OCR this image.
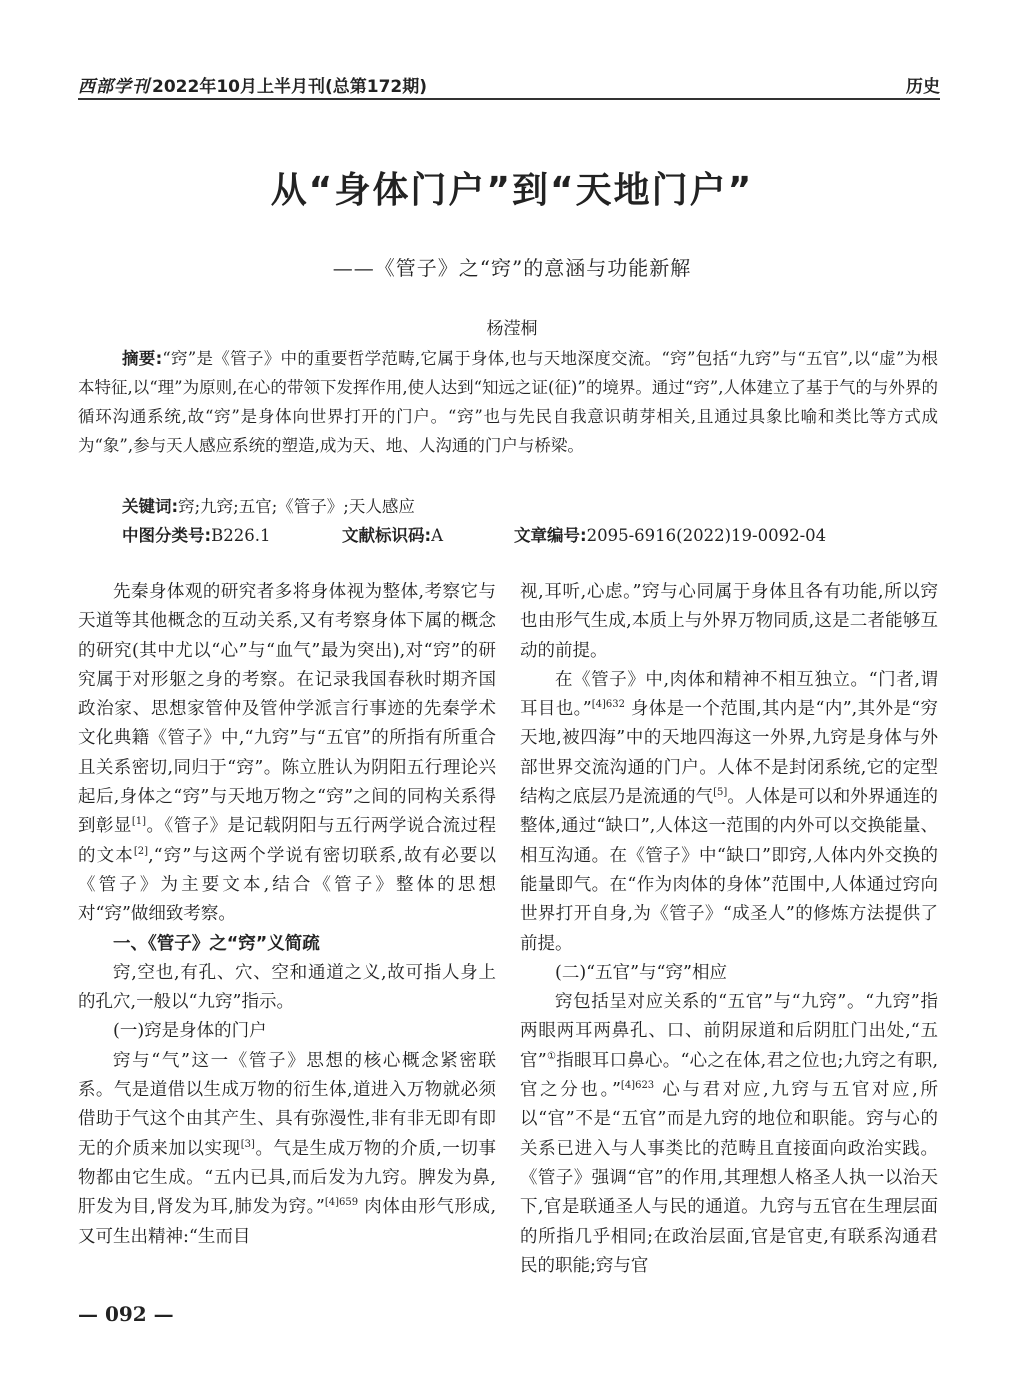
西部学刊 2022年10月上半月刊(总第172期)	历史
从“身体门户”到“天地门户”
——《管子》之“窍”的意涵与功能新解
杨滢桐

摘要:“窍”是《管子》中的重要哲学范畴,它属于身体,也与天地深度交流。“窍”包括“九窍”与“五官”,以“虚”为根本特征,以“理”为原则,在心的带领下发挥作用,使人达到“知远之证(征)”的境界。通过“窍”,人体建立了基于气的与外界的循环沟通系统,故“窍”是身体向世界打开的门户。“窍”也与先民自我意识萌芽相关,且通过具象比喻和类比等方式成为“象”,参与天人感应系统的塑造,成为天、地、人沟通的门户与桥梁。

关键词:窍;九窍;五官;《管子》;天人感应
中图分类号:B226.1	文献标识码:A	文章编号:2095-6916(2022)19-0092-04

先秦身体观的研究者多将身体视为整体,考察它与天道等其他概念的互动关系,又有考察身体下属的概念的研究(其中尤以“心”与“血气”最为突出),对“窍”的研究属于对形躯之身的考察。在记录我国春秋时期齐国政治家、思想家管仲及管仲学派言行事迹的先秦学术文化典籍《管子》中,“九窍”与“五官”的所指有所重合且关系密切,同归于“窍”。陈立胜认为阴阳五行理论兴起后,身体之“窍”与天地万物之“窍”之间的同构关系得到彰显[1]。《管子》是记载阴阳与五行两学说合流过程的文本[2],“窍”与这两个学说有密切联系,故有必要以《管子》为主要文本,结合《管子》整体的思想对“窍”做细致考察。

一、《管子》之“窍”义简疏

窍,空也,有孔、穴、空和通道之义,故可指人身上的孔穴,一般以“九窍”指示。

(一)窍是身体的门户

窍与“气”这一《管子》思想的核心概念紧密联系。气是道借以生成万物的衍生体,道进入万物就必须借助于气这个由其产生、具有弥漫性,非有非无即有即无的介质来加以实现[3]。气是生成万物的介质,一切事物都由它生成。“五内已具,而后发为九窍。脾发为鼻,肝发为目,肾发为耳,肺发为窍。”$^{[4]659}$ 肉体由形气形成,又可生出精神:“生而目

视,耳听,心虑。”窍与心同属于身体且各有功能,所以窍也由形气生成,本质上与外界万物同质,这是二者能够互动的前提。

在《管子》中,肉体和精神不相互独立。“门者,谓耳目也。”$^{[4]632}$ 身体是一个范围,其内是“内”,其外是“穷天地,被四海”中的天地四海这一外界,九窍是身体与外部世界交流沟通的门户。人体不是封闭系统,它的定型结构之底层乃是流通的气[5]。人体是可以和外界通连的整体,通过“缺口”,人体这一范围的内外可以交换能量、相互沟通。在《管子》中“缺口”即窍,人体内外交换的能量即气。在“作为肉体的身体”范围中,人体通过窍向世界打开自身,为《管子》“成圣人”的修炼方法提供了前提。

(二)“五官”与“窍”相应

窍包括呈对应关系的“五官”与“九窍”。“九窍”指两眼两耳两鼻孔、口、前阴尿道和后阴肛门出处,“五官”①指眼耳口鼻心。“心之在体,君之位也;九窍之有职,官之分也。”$^{[4]623}$ 心与君对应,九窍与五官对应,所以“官”不是“五官”而是九窍的地位和职能。窍与心的关系已进入与人事类比的范畴且直接面向政治实践。《管子》强调“官”的作用,其理想人格圣人执一以治天下,官是联通圣人与民的通道。九窍与五官在生理层面的所指几乎相同;在政治层面,官是官吏,有联系沟通君民的职能;窍与官

— 092 —
